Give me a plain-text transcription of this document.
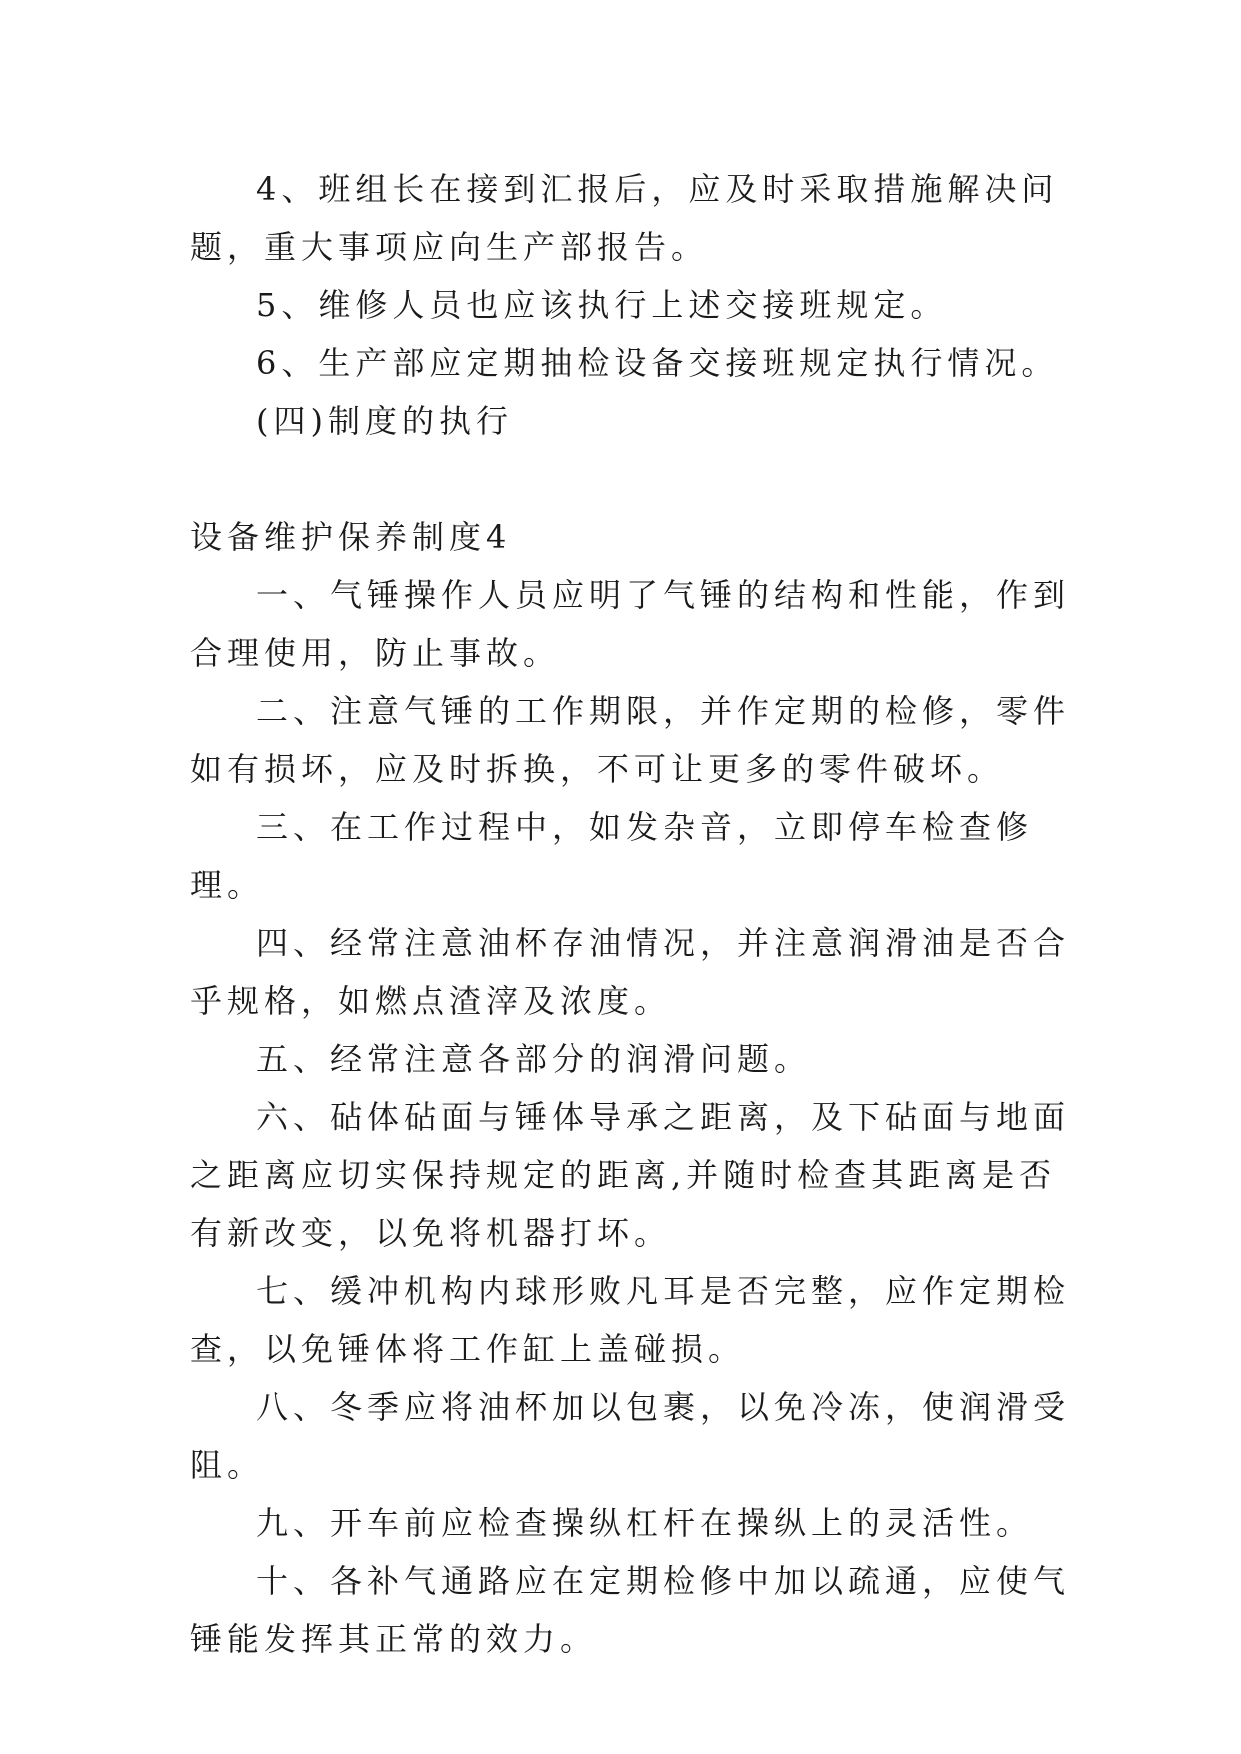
4、班组长在接到汇报后，应及时采取措施解决问题，重大事项应向生产部报告。

5、维修人员也应该执行上述交接班规定。

6、生产部应定期抽检设备交接班规定执行情况。

(四)制度的执行

设备维护保养制度4

一、气锤操作人员应明了气锤的结构和性能，作到合理使用，防止事故。

二、注意气锤的工作期限，并作定期的检修，零件如有损坏，应及时拆换，不可让更多的零件破坏。

三、在工作过程中，如发杂音，立即停车检查修理。

四、经常注意油杯存油情况，并注意润滑油是否合乎规格，如燃点渣滓及浓度。

五、经常注意各部分的润滑问题。

六、砧体砧面与锤体导承之距离，及下砧面与地面之距离应切实保持规定的距离,并随时检查其距离是否有新改变，以免将机器打坏。

七、缓冲机构内球形败凡耳是否完整，应作定期检查，以免锤体将工作缸上盖碰损。

八、冬季应将油杯加以包裹，以免冷冻，使润滑受阻。

九、开车前应检查操纵杠杆在操纵上的灵活性。

十、各补气通路应在定期检修中加以疏通，应使气锤能发挥其正常的效力。
